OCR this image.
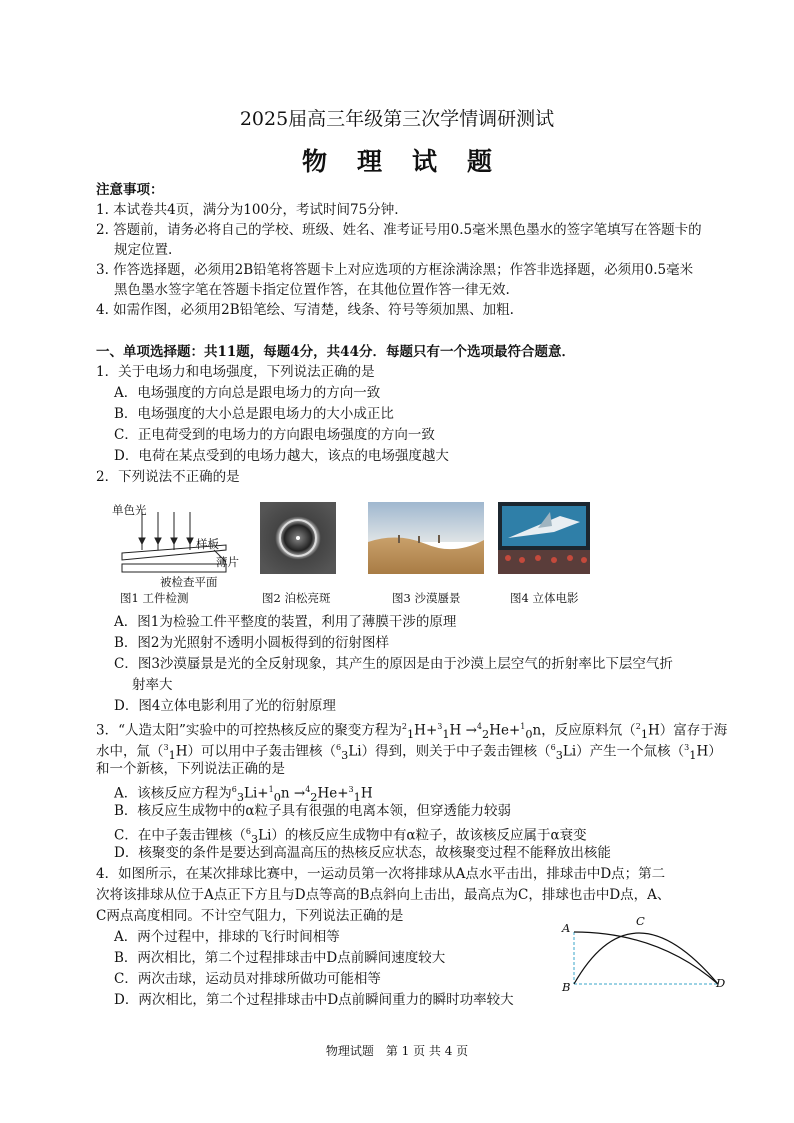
2025届高三年级第三次学情调研测试
物理试题
注意事项：
1. 本试卷共4页，满分为100分，考试时间75分钟.
2. 答题前，请务必将自己的学校、班级、姓名、准考证号用0.5毫米黑色墨水的签字笔填写在答题卡的
规定位置.
3. 作答选择题，必须用2B铅笔将答题卡上对应选项的方框涂满涂黑；作答非选择题，必须用0.5毫米
黑色墨水签字笔在答题卡指定位置作答，在其他位置作答一律无效.
4. 如需作图，必须用2B铅笔绘、写清楚，线条、符号等须加黑、加粗.
一、单项选择题：共11题，每题4分，共44分．每题只有一个选项最符合题意．
1．关于电场力和电场强度，下列说法正确的是
A．电场强度的方向总是跟电场力的方向一致
B．电场强度的大小总是跟电场力的大小成正比
C．正电荷受到的电场力的方向跟电场强度的方向一致
D．电荷在某点受到的电场力越大，该点的电场强度越大
2．下列说法不正确的是
单色光
样板
薄片
被检查平面
图1 工件检测	图2 泊松亮斑	图3 沙漠蜃景	图4 立体电影
A．图1为检验工件平整度的装置，利用了薄膜干涉的原理
B．图2为光照射不透明小圆板得到的衍射图样
C．图3沙漠蜃景是光的全反射现象，其产生的原因是由于沙漠上层空气的折射率比下层空气折
射率大
D．图4立体电影利用了光的衍射原理
3．“人造太阳”实验中的可控热核反应的聚变方程为$^2_1$H+$^3_1$H →$^4_2$He+$^1_0$n，反应原料氘（$^2_1$H）富存于海
水中，氚（$^3_1$H）可以用中子轰击锂核（$^6_3$Li）得到，则关于中子轰击锂核（$^6_3$Li）产生一个氚核（$^3_1$H）
和一个新核，下列说法正确的是
A．该核反应方程为$^6_3$Li+$^1_0$n →$^4_2$He+$^3_1$H
B．核反应生成物中的α粒子具有很强的电离本领，但穿透能力较弱
C．在中子轰击锂核（$^6_3$Li）的核反应生成物中有α粒子，故该核反应属于α衰变
D．核聚变的条件是要达到高温高压的热核反应状态，故核聚变过程不能释放出核能
4．如图所示，在某次排球比赛中，一运动员第一次将排球从A点水平击出，排球击中D点；第二
次将该排球从位于A点正下方且与D点等高的B点斜向上击出，最高点为C，排球也击中D点，A、
C两点高度相同。不计空气阻力，下列说法正确的是
A．两个过程中，排球的飞行时间相等
B．两次相比，第二个过程排球击中D点前瞬间速度较大
C．两次击球，运动员对排球所做功可能相等
D．两次相比，第二个过程排球击中D点前瞬间重力的瞬时功率较大
A	C
B	D
物理试题　第 1 页 共 4 页
